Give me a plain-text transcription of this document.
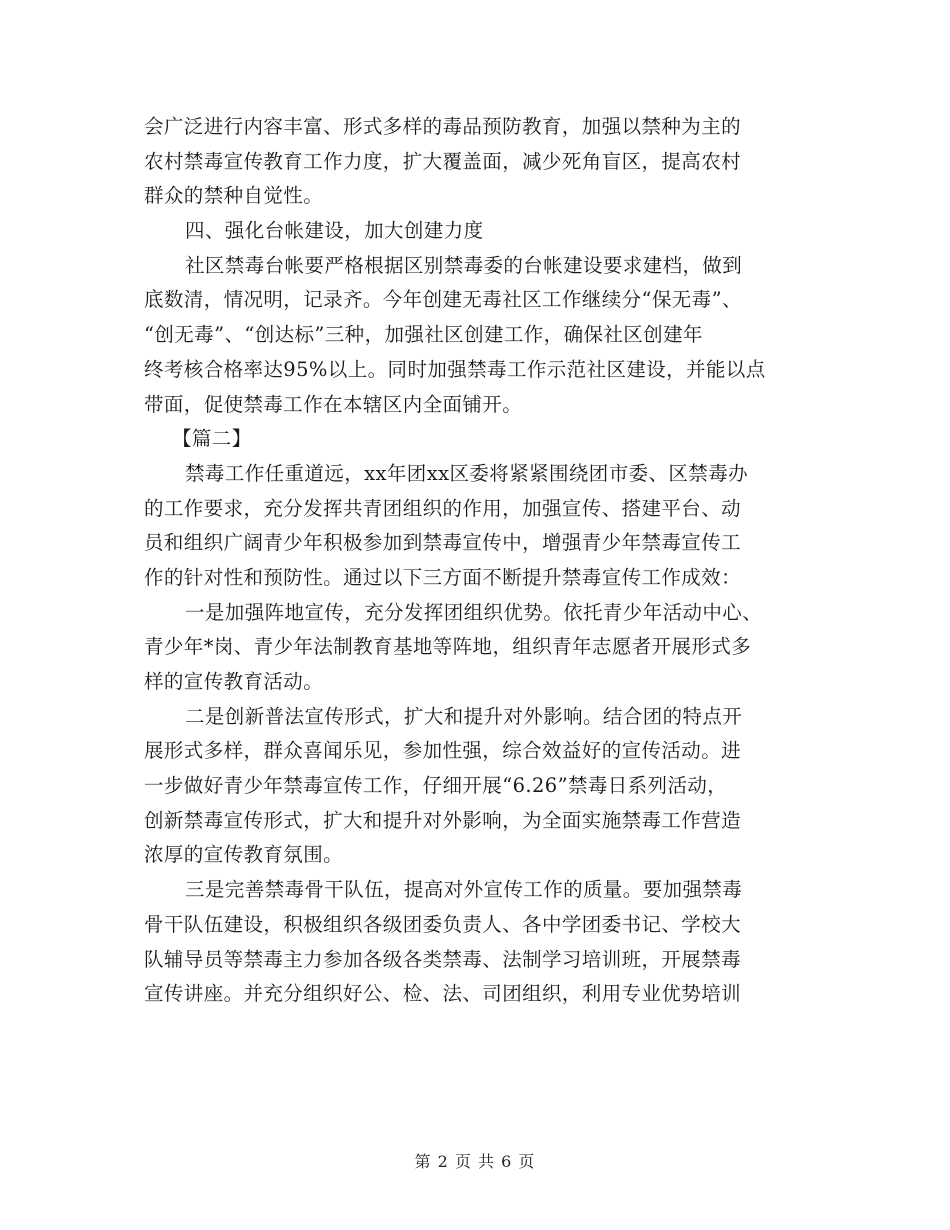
会广泛进行内容丰富、形式多样的毒品预防教育，加强以禁种为主的
农村禁毒宣传教育工作力度，扩大覆盖面，减少死角盲区，提高农村
群众的禁种自觉性。
四、强化台帐建设，加大创建力度
社区禁毒台帐要严格根据区别禁毒委的台帐建设要求建档，做到
底数清，情况明，记录齐。今年创建无毒社区工作继续分“保无毒”、
“创无毒”、“创达标”三种，加强社区创建工作，确保社区创建年
终考核合格率达95%以上。同时加强禁毒工作示范社区建设，并能以点
带面，促使禁毒工作在本辖区内全面铺开。
【篇二】
禁毒工作任重道远，xx年团xx区委将紧紧围绕团市委、区禁毒办
的工作要求，充分发挥共青团组织的作用，加强宣传、搭建平台、动
员和组织广阔青少年积极参加到禁毒宣传中，增强青少年禁毒宣传工
作的针对性和预防性。通过以下三方面不断提升禁毒宣传工作成效：
一是加强阵地宣传，充分发挥团组织优势。依托青少年活动中心、
青少年*岗、青少年法制教育基地等阵地，组织青年志愿者开展形式多
样的宣传教育活动。
二是创新普法宣传形式，扩大和提升对外影响。结合团的特点开
展形式多样，群众喜闻乐见，参加性强，综合效益好的宣传活动。进
一步做好青少年禁毒宣传工作，仔细开展“6.26”禁毒日系列活动，
创新禁毒宣传形式，扩大和提升对外影响，为全面实施禁毒工作营造
浓厚的宣传教育氛围。
三是完善禁毒骨干队伍，提高对外宣传工作的质量。要加强禁毒
骨干队伍建设，积极组织各级团委负责人、各中学团委书记、学校大
队辅导员等禁毒主力参加各级各类禁毒、法制学习培训班，开展禁毒
宣传讲座。并充分组织好公、检、法、司团组织，利用专业优势培训
第 2 页 共 6 页
